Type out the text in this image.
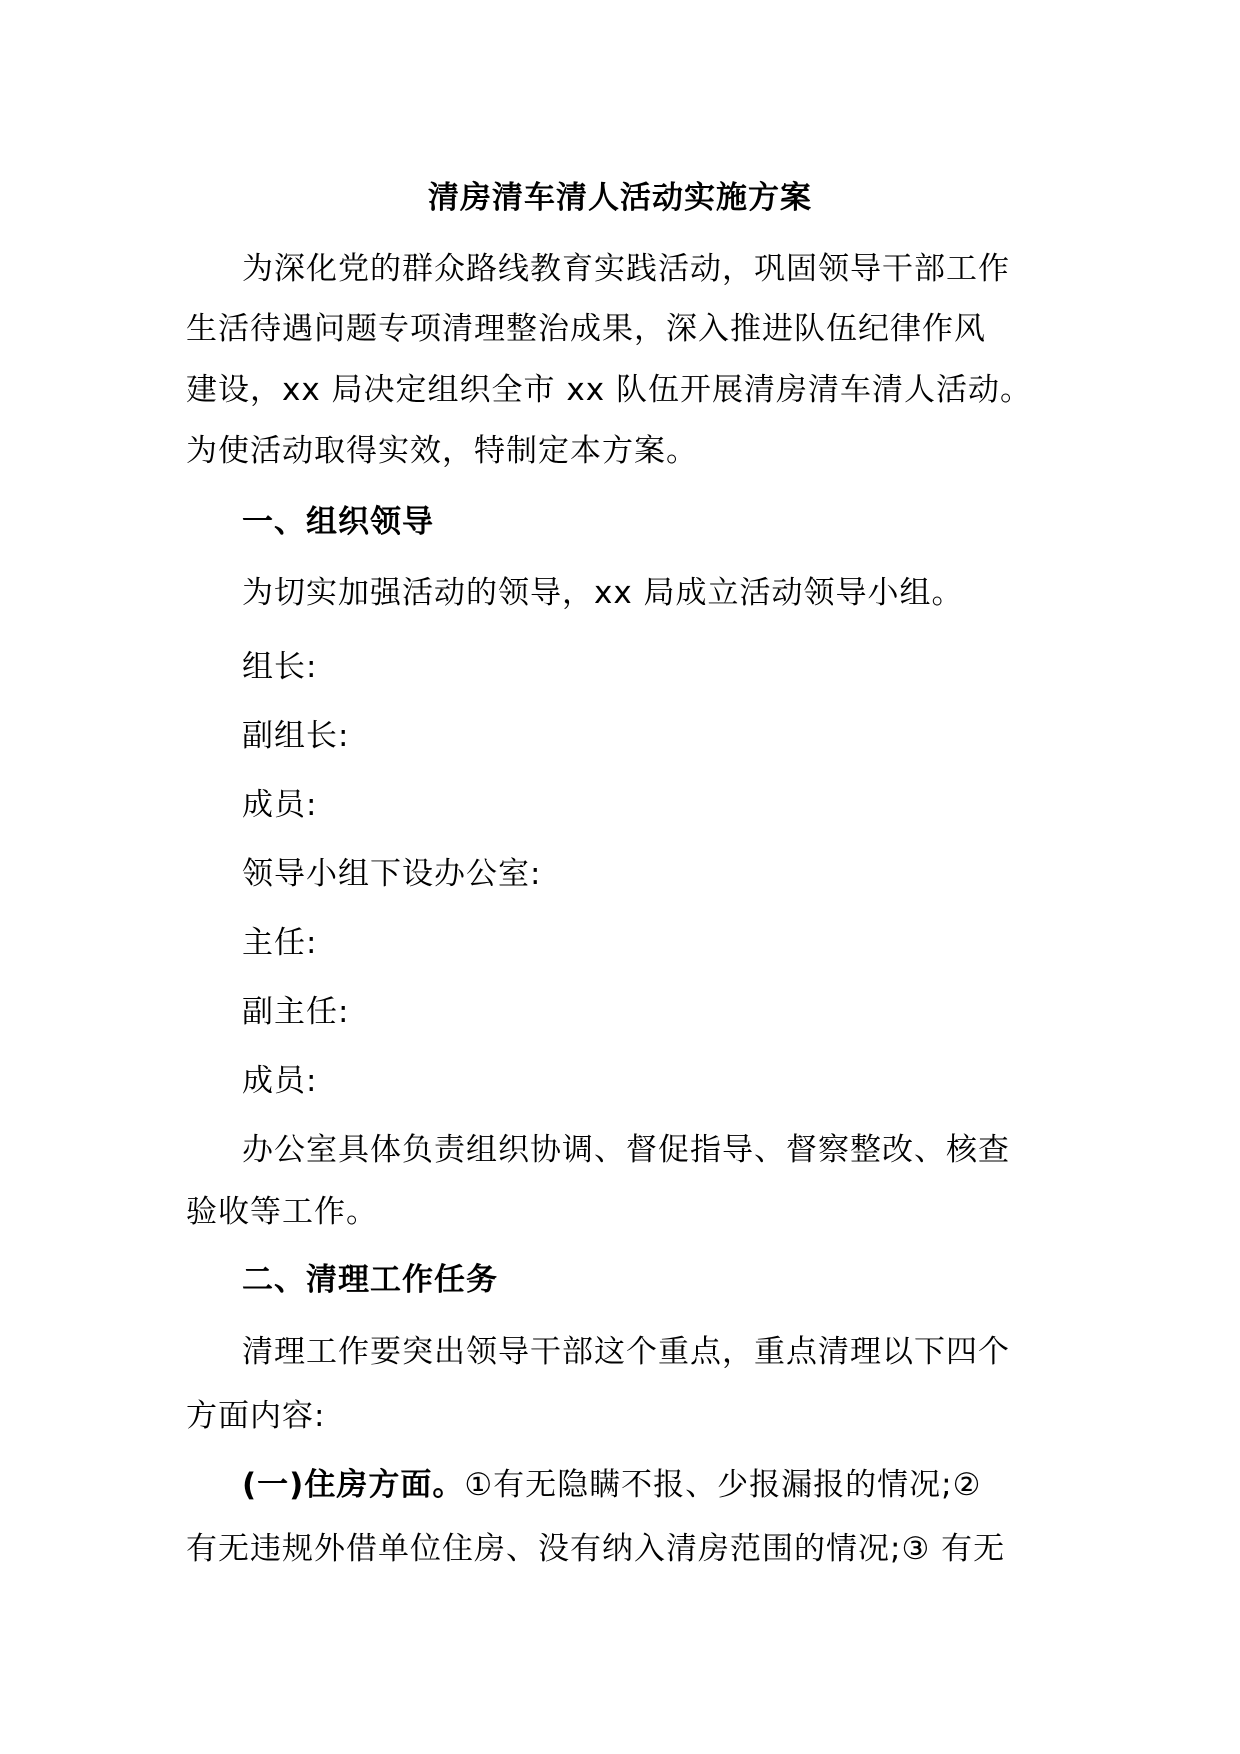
清房清车清人活动实施方案
为深化党的群众路线教育实践活动，巩固领导干部工作
生活待遇问题专项清理整治成果，深入推进队伍纪律作风
建设，xx 局决定组织全市 xx 队伍开展清房清车清人活动。
为使活动取得实效，特制定本方案。
一、组织领导
为切实加强活动的领导，xx 局成立活动领导小组。
组长:
副组长:
成员:
领导小组下设办公室:
主任:
副主任:
成员:
办公室具体负责组织协调、督促指导、督察整改、核查
验收等工作。
二、清理工作任务
清理工作要突出领导干部这个重点，重点清理以下四个
方面内容:
(一)住房方面。①有无隐瞒不报、少报漏报的情况;②
有无违规外借单位住房、没有纳入清房范围的情况;③ 有无
